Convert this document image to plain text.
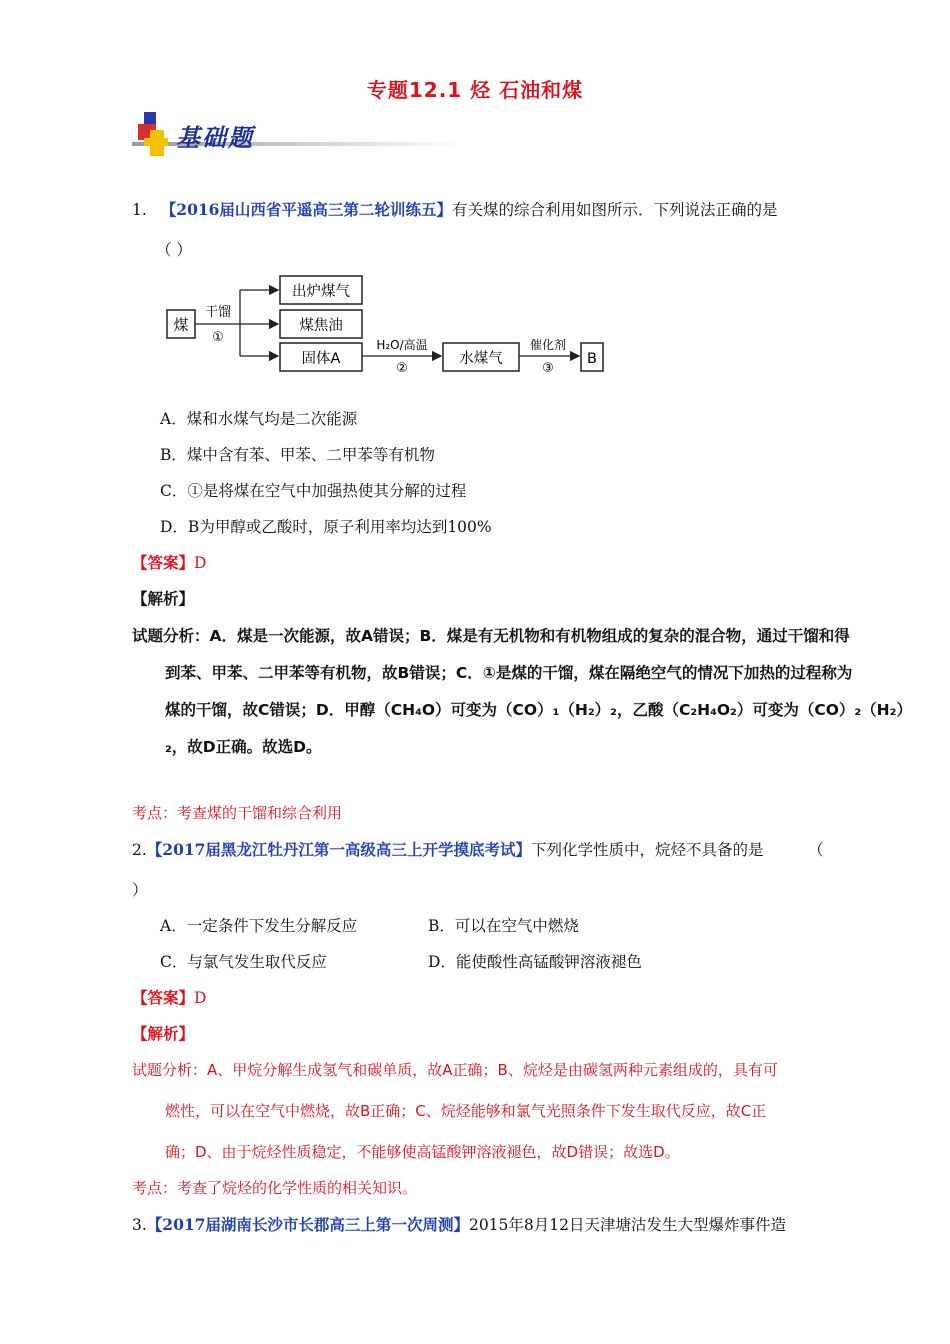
专题12.1 烃 石油和煤
基础题
1. 【2016届山西省平遥高三第二轮训练五】有关煤的综合利用如图所示．下列说法正确的是
（ ）
煤
干馏
①
出炉煤气
煤焦油
固体A
H₂O/高温
②
水煤气
催化剂
③
B
A．煤和水煤气均是二次能源
B．煤中含有苯、甲苯、二甲苯等有机物
C．①是将煤在空气中加强热使其分解的过程
D．B为甲醇或乙酸时，原子利用率均达到100%
【答案】D
【解析】
试题分析：A．煤是一次能源，故A错误；B．煤是有无机物和有机物组成的复杂的混合物，通过干馏和得
到苯、甲苯、二甲苯等有机物，故B错误；C．①是煤的干馏，煤在隔绝空气的情况下加热的过程称为
煤的干馏，故C错误；D．甲醇（CH₄O）可变为（CO）₁（H₂）₂，乙酸（C₂H₄O₂）可变为（CO）₂（H₂）
₂，故D正确。故选D。
考点：考查煤的干馏和综合利用
2.【2017届黑龙江牡丹江第一高级高三上开学摸底考试】下列化学性质中，烷烃不具备的是	（
）
A．一定条件下发生分解反应	B．可以在空气中燃烧
C．与氯气发生取代反应	D．能使酸性高锰酸钾溶液褪色
【答案】D
【解析】
试题分析：A、甲烷分解生成氢气和碳单质，故A正确；B、烷烃是由碳氢两种元素组成的，具有可
燃性，可以在空气中燃烧，故B正确；C、烷烃能够和氯气光照条件下发生取代反应，故C正
确；D、由于烷烃性质稳定，不能够使高锰酸钾溶液褪色，故D错误；故选D。
考点：考查了烷烃的化学性质的相关知识。
3.【2017届湖南长沙市长郡高三上第一次周测】2015年8月12日天津塘沽发生大型爆炸事件造
